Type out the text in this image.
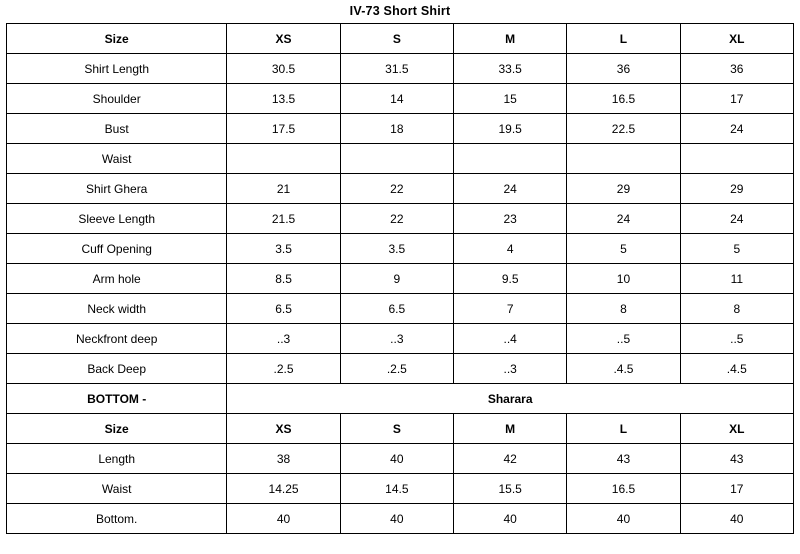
IV-73 Short Shirt
Size	XS	S	M	L	XL
Shirt Length	30.5	31.5	33.5	36	36
Shoulder	13.5	14	15	16.5	17
Bust	17.5	18	19.5	22.5	24
Waist					
Shirt Ghera	21	22	24	29	29
Sleeve Length	21.5	22	23	24	24
Cuff Opening	3.5	3.5	4	5	5
Arm hole	8.5	9	9.5	10	11
Neck width	6.5	6.5	7	8	8
Neckfront deep	..3	..3	..4	..5	..5
Back Deep	.2.5	.2.5	..3	.4.5	.4.5
BOTTOM -	Sharara				
Size	XS	S	M	L	XL
Length	38	40	42	43	43
Waist	14.25	14.5	15.5	16.5	17
Bottom.	40	40	40	40	40
